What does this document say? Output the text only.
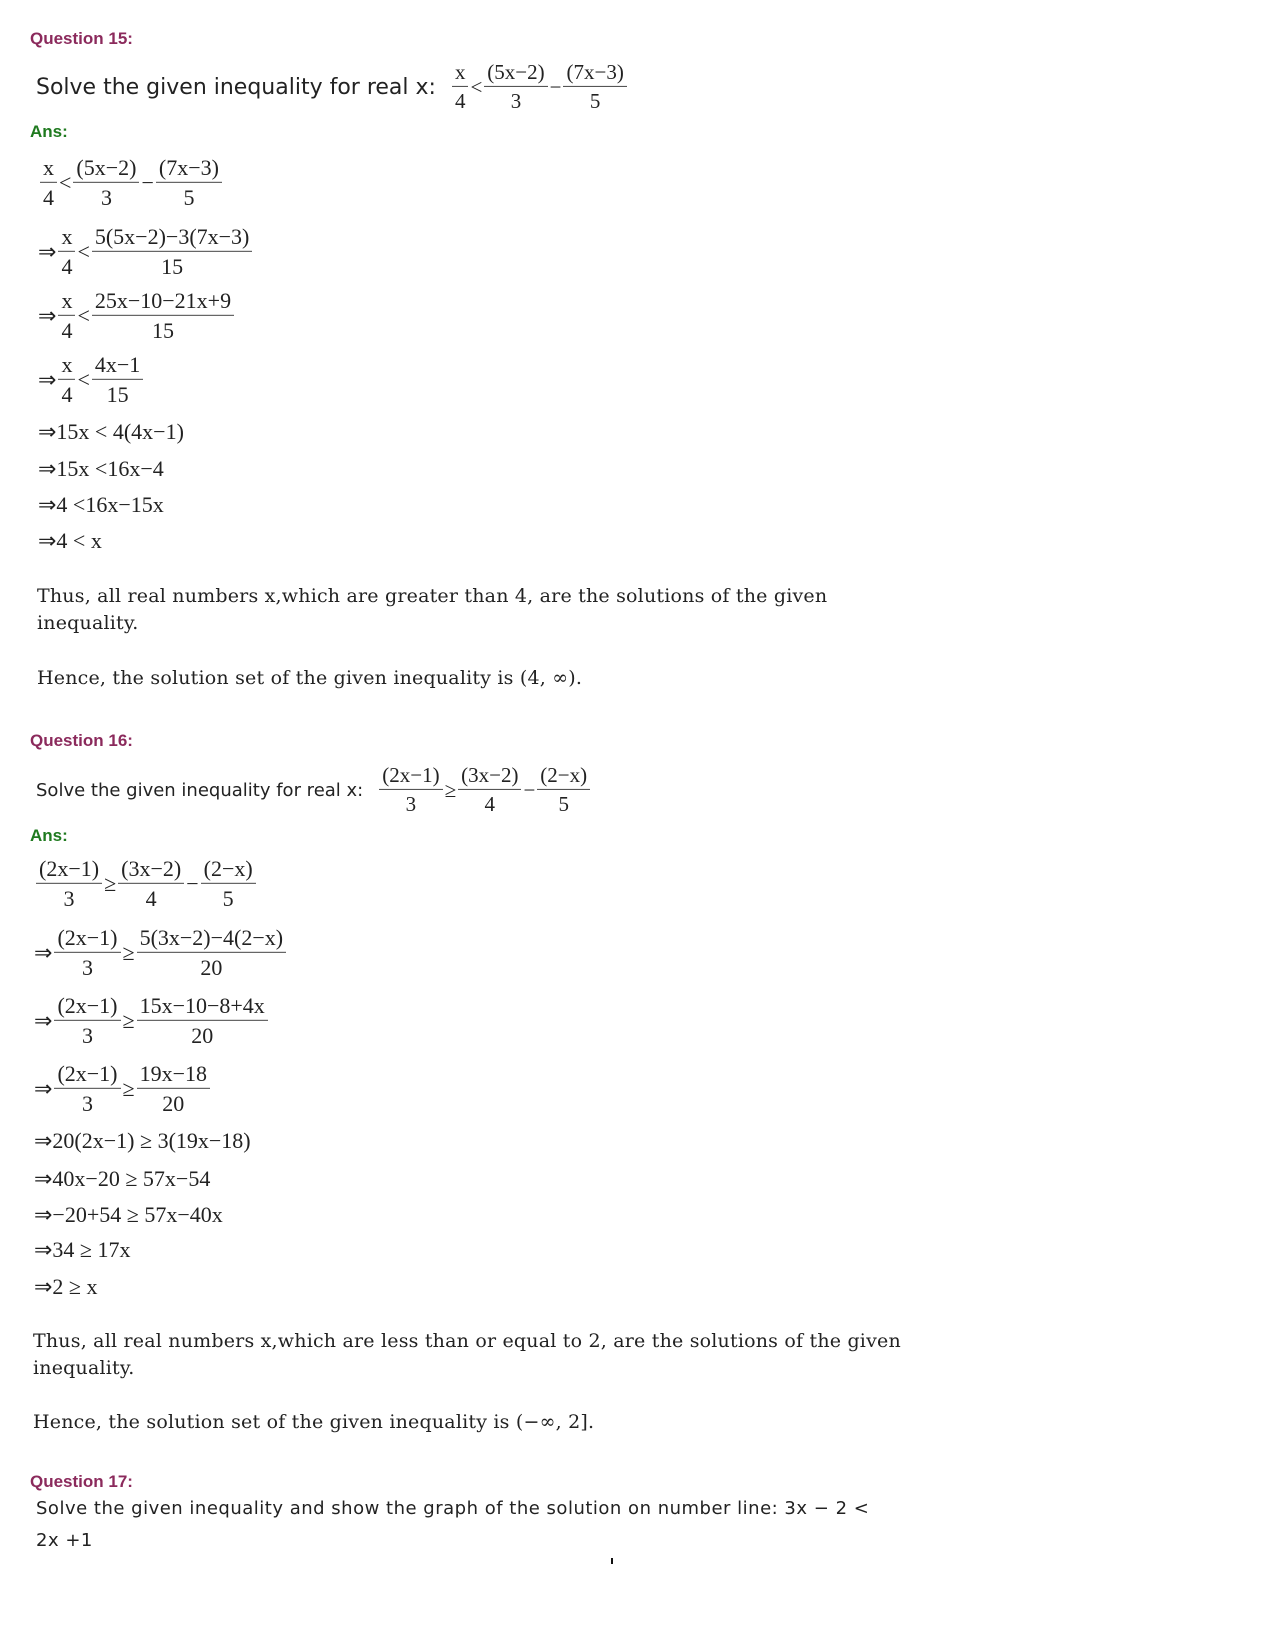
Question 15:
Solve the given inequality for real x: $\frac{x}{4} < \frac{(5x-2)}{3} - \frac{(7x-3)}{5}$
Ans:
$\frac{x}{4} < \frac{(5x-2)}{3} - \frac{(7x-3)}{5}$
⇒ $\frac{x}{4} < \frac{5(5x-2)-3(7x-3)}{15}$
⇒ $\frac{x}{4} < \frac{25x-10-21x+9}{15}$
⇒ $\frac{x}{4} < \frac{4x-1}{15}$
⇒15x < 4(4x−1)
⇒15x <16x−4
⇒4 <16x−15x
⇒4 < x
Thus, all real numbers x,which are greater than 4, are the solutions of the given inequality.
Hence, the solution set of the given inequality is (4, ∞).
Question 16:
Solve the given inequality for real x: $\frac{(2x-1)}{3} \ge \frac{(3x-2)}{4} - \frac{(2-x)}{5}$
Ans:
$\frac{(2x-1)}{3} \ge \frac{(3x-2)}{4} - \frac{(2-x)}{5}$
⇒ $\frac{(2x-1)}{3} \ge \frac{5(3x-2)-4(2-x)}{20}$
⇒ $\frac{(2x-1)}{3} \ge \frac{15x-10-8+4x}{20}$
⇒ $\frac{(2x-1)}{3} \ge \frac{19x-18}{20}$
⇒20(2x−1) ≥ 3(19x−18)
⇒40x−20 ≥ 57x−54
⇒−20+54 ≥ 57x−40x
⇒34 ≥ 17x
⇒2 ≥ x
Thus, all real numbers x,which are less than or equal to 2, are the solutions of the given inequality.
Hence, the solution set of the given inequality is (−∞, 2].
Question 17:
Solve the given inequality and show the graph of the solution on number line: 3x − 2 < 2x +1
